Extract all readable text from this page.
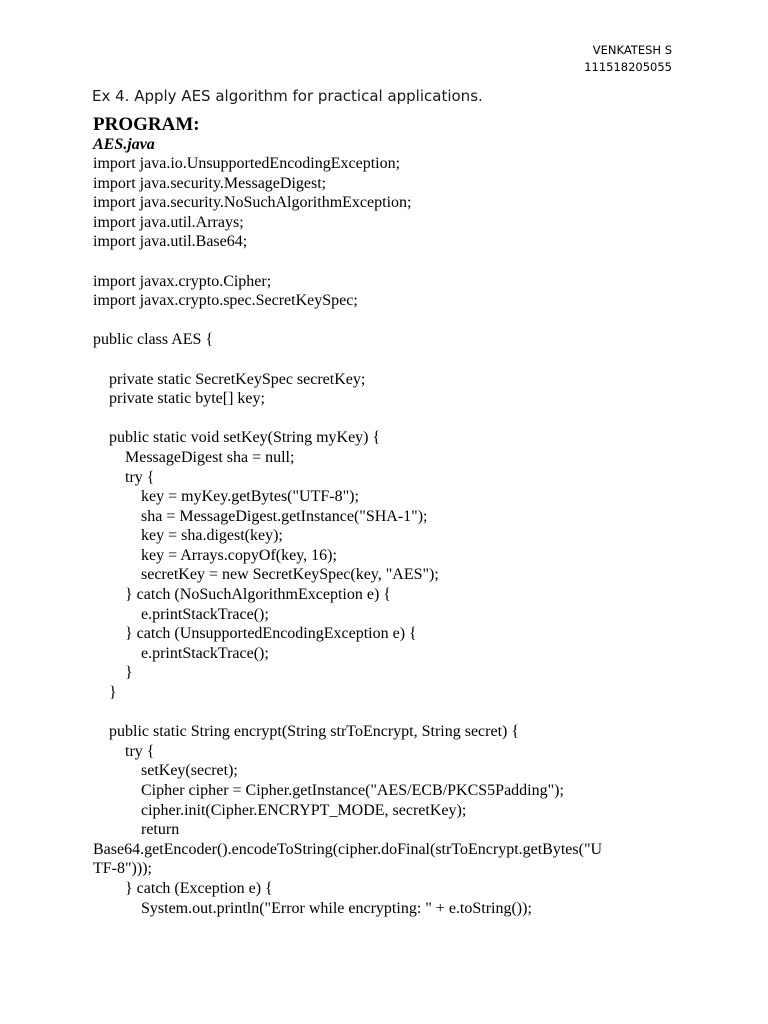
VENKATESH S
111518205055
Ex 4. Apply AES algorithm for practical applications.
PROGRAM:
AES.java
import java.io.UnsupportedEncodingException;
import java.security.MessageDigest;
import java.security.NoSuchAlgorithmException;
import java.util.Arrays;
import java.util.Base64;
import javax.crypto.Cipher;
import javax.crypto.spec.SecretKeySpec;
public class AES {
private static SecretKeySpec secretKey;
private static byte[] key;
public static void setKey(String myKey) {
MessageDigest sha = null;
try {
key = myKey.getBytes("UTF-8");
sha = MessageDigest.getInstance("SHA-1");
key = sha.digest(key);
key = Arrays.copyOf(key, 16);
secretKey = new SecretKeySpec(key, "AES");
} catch (NoSuchAlgorithmException e) {
e.printStackTrace();
} catch (UnsupportedEncodingException e) {
e.printStackTrace();
}
}
public static String encrypt(String strToEncrypt, String secret) {
try {
setKey(secret);
Cipher cipher = Cipher.getInstance("AES/ECB/PKCS5Padding");
cipher.init(Cipher.ENCRYPT_MODE, secretKey);
return
Base64.getEncoder().encodeToString(cipher.doFinal(strToEncrypt.getBytes("U
TF-8")));
} catch (Exception e) {
System.out.println("Error while encrypting: " + e.toString());
